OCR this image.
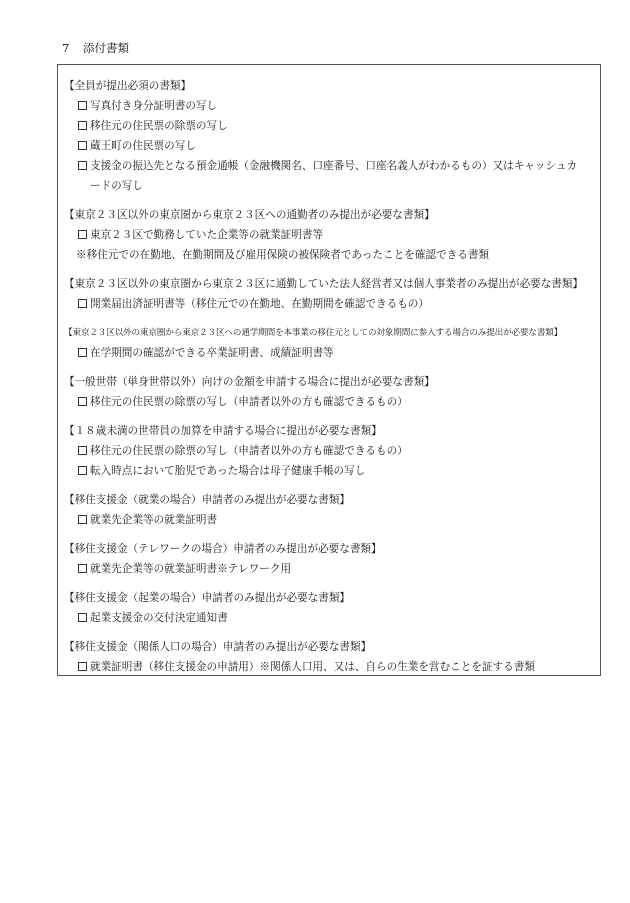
7 添付書類
【全員が提出必須の書類】
写真付き身分証明書の写し
移住元の住民票の除票の写し
蔵王町の住民票の写し
支援金の振込先となる預金通帳（金融機関名、口座番号、口座名義人がわかるもの）又はキャッシュカードの写し
【東京２３区以外の東京圏から東京２３区への通勤者のみ提出が必要な書類】
東京２３区で勤務していた企業等の就業証明書等
※移住元での在勤地、在勤期間及び雇用保険の被保険者であったことを確認できる書類
【東京２３区以外の東京圏から東京２３区に通勤していた法人経営者又は個人事業者のみ提出が必要な書類】
開業届出済証明書等（移住元での在勤地、在勤期間を確認できるもの）
【東京２３区以外の東京圏から東京２３区への通学期間を本事業の移住元としての対象期間に参入する場合のみ提出が必要な書類】
在学期間の確認ができる卒業証明書、成績証明書等
【一般世帯（単身世帯以外）向けの金額を申請する場合に提出が必要な書類】
移住元の住民票の除票の写し（申請者以外の方も確認できるもの）
【１８歳未満の世帯員の加算を申請する場合に提出が必要な書類】
移住元の住民票の除票の写し（申請者以外の方も確認できるもの）
転入時点において胎児であった場合は母子健康手帳の写し
【移住支援金（就業の場合）申請者のみ提出が必要な書類】
就業先企業等の就業証明書
【移住支援金（テレワークの場合）申請者のみ提出が必要な書類】
就業先企業等の就業証明書※テレワーク用
【移住支援金（起業の場合）申請者のみ提出が必要な書類】
起業支援金の交付決定通知書
【移住支援金（関係人口の場合）申請者のみ提出が必要な書類】
就業証明書（移住支援金の申請用）※関係人口用、又は、自らの生業を営むことを証する書類
